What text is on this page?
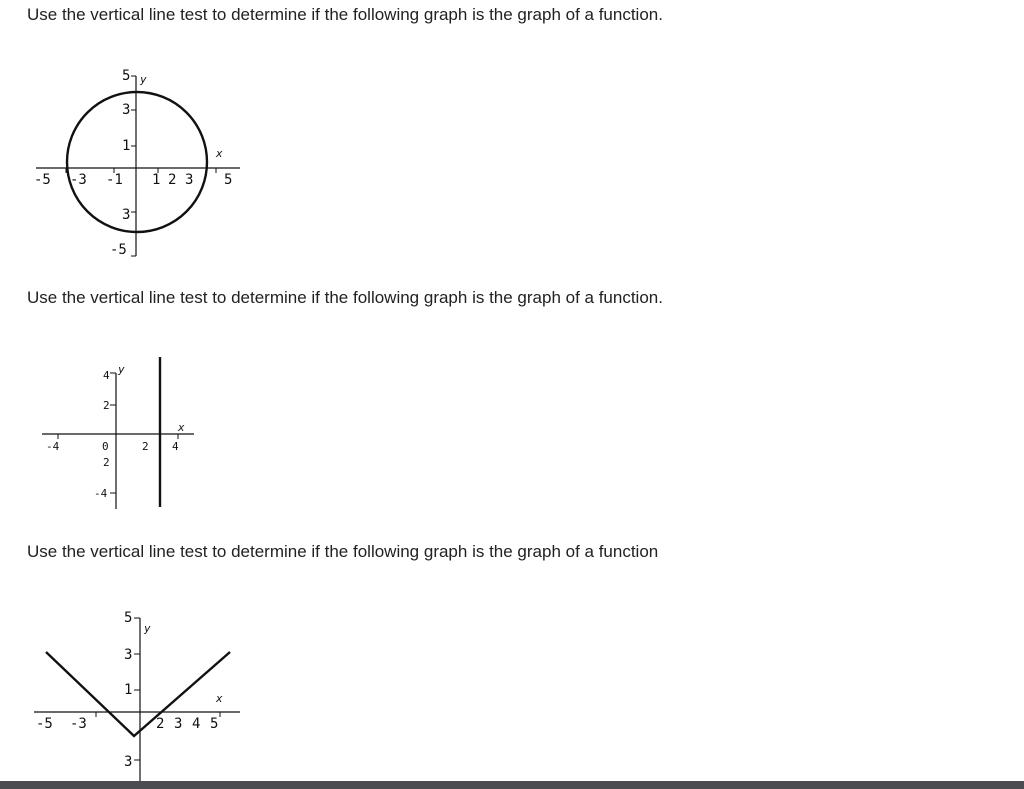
Use the vertical line test to determine if the following graph is the graph of a function.
y
x
5
3
1
3
-5
-5 -3 -1 1 2 3 5
Use the vertical line test to determine if the following graph is the graph of a function.
y
x
4
2
2
-4
-4	0	2 4
Use the vertical line test to determine if the following graph is the graph of a function
y
x
5
3
1
3
-5 -3	2 3 4 5
